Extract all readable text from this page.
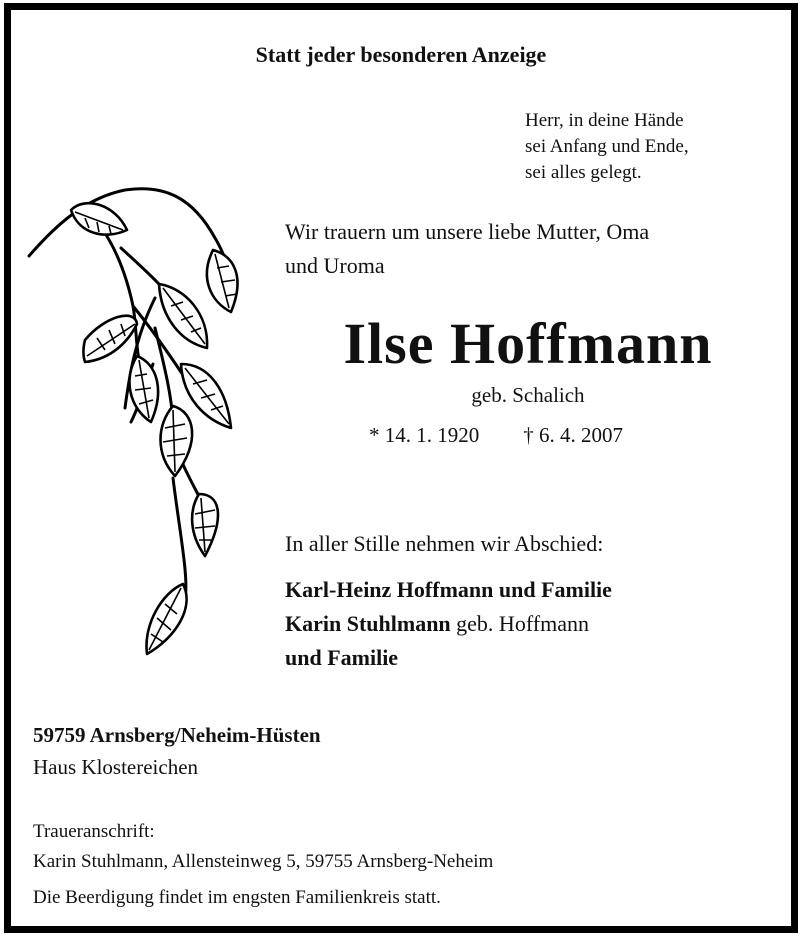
Statt jeder besonderen Anzeige
Herr, in deine Hände
sei Anfang und Ende,
sei alles gelegt.
Wir trauern um unsere liebe Mutter, Oma
und Uroma
Ilse Hoffmann
geb. Schalich
* 14. 1. 1920 † 6. 4. 2007
In aller Stille nehmen wir Abschied:
Karl-Heinz Hoffmann und Familie
Karin Stuhlmann geb. Hoffmann
und Familie
59759 Arnsberg/Neheim-Hüsten
Haus Klostereichen
Traueranschrift:
Karin Stuhlmann, Allensteinweg 5, 59755 Arnsberg-Neheim
Die Beerdigung findet im engsten Familienkreis statt.
